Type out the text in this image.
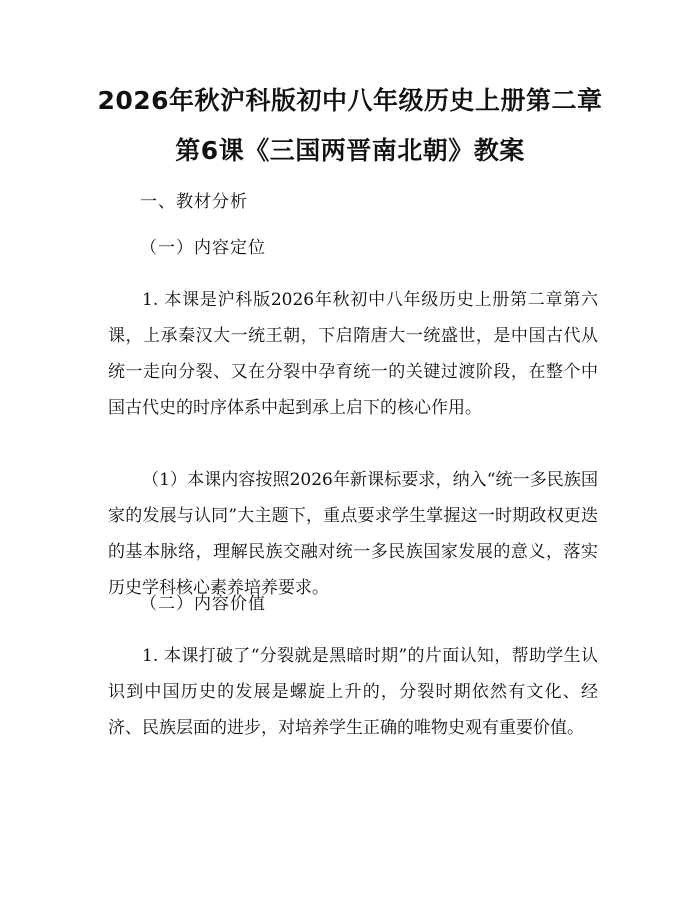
2026年秋沪科版初中八年级历史上册第二章
第6课《三国两晋南北朝》教案
一、教材分析
（一）内容定位

1. 本课是沪科版2026年秋初中八年级历史上册第二章第六课，上承秦汉大一统王朝，下启隋唐大一统盛世，是中国古代从统一走向分裂、又在分裂中孕育统一的关键过渡阶段，在整个中国古代史的时序体系中起到承上启下的核心作用。

（1）本课内容按照2026年新课标要求，纳入“统一多民族国家的发展与认同”大主题下，重点要求学生掌握这一时期政权更迭的基本脉络，理解民族交融对统一多民族国家发展的意义，落实历史学科核心素养培养要求。

（二）内容价值

1. 本课打破了“分裂就是黑暗时期”的片面认知，帮助学生认识到中国历史的发展是螺旋上升的，分裂时期依然有文化、经济、民族层面的进步，对培养学生正确的唯物史观有重要价值。
